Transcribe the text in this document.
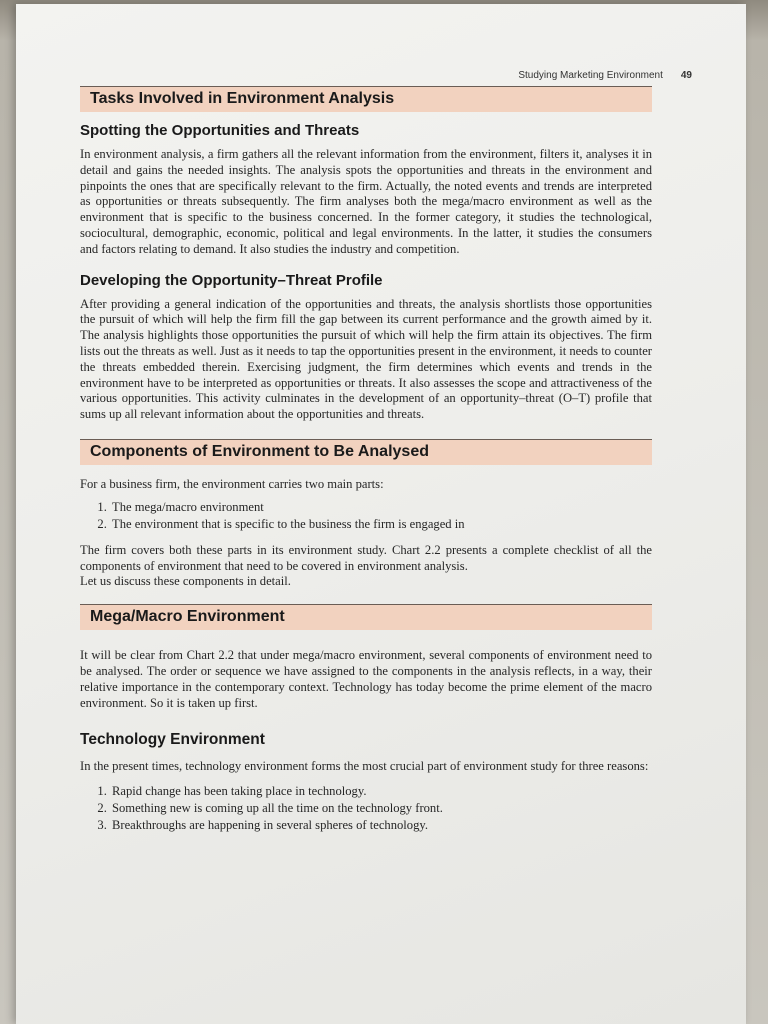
Studying Marketing Environment 49
Tasks Involved in Environment Analysis
Spotting the Opportunities and Threats

In environment analysis, a firm gathers all the relevant information from the environment, filters it, analyses it in detail and gains the needed insights. The analysis spots the opportunities and threats in the environment and pinpoints the ones that are specifically relevant to the firm. Actually, the noted events and trends are interpreted as opportunities or threats subsequently. The firm analyses both the mega/macro environment as well as the environment that is specific to the business concerned. In the former category, it studies the technological, sociocultural, demographic, economic, political and legal environments. In the latter, it studies the consumers and factors relating to demand. It also studies the industry and competition.

Developing the Opportunity–Threat Profile

After providing a general indication of the opportunities and threats, the analysis shortlists those opportunities the pursuit of which will help the firm fill the gap between its current performance and the growth aimed by it. The analysis highlights those opportunities the pursuit of which will help the firm attain its objectives. The firm lists out the threats as well. Just as it needs to tap the opportunities present in the environment, it needs to counter the threats embedded therein. Exercising judgment, the firm determines which events and trends in the environment have to be interpreted as opportunities or threats. It also assesses the scope and attractiveness of the various opportunities. This activity culminates in the development of an opportunity–threat (O–T) profile that sums up all relevant information about the opportunities and threats.

Components of Environment to Be Analysed

For a business firm, the environment carries two main parts:

1. The mega/macro environment
2. The environment that is specific to the business the firm is engaged in

The firm covers both these parts in its environment study. Chart 2.2 presents a complete checklist of all the components of environment that need to be covered in environment analysis.

Let us discuss these components in detail.

Mega/Macro Environment

It will be clear from Chart 2.2 that under mega/macro environment, several components of environment need to be analysed. The order or sequence we have assigned to the components in the analysis reflects, in a way, their relative importance in the contemporary context. Technology has today become the prime element of the macro environment. So it is taken up first.

Technology Environment

In the present times, technology environment forms the most crucial part of environment study for three reasons:

1. Rapid change has been taking place in technology.
2. Something new is coming up all the time on the technology front.
3. Breakthroughs are happening in several spheres of technology.
